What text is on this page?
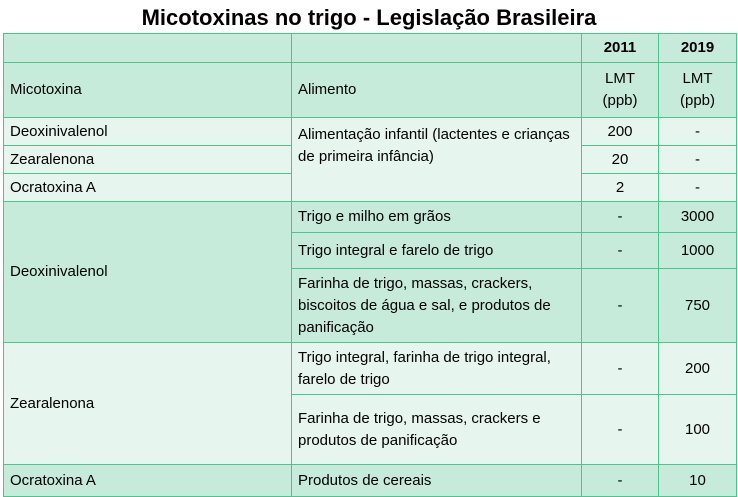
Micotoxinas no trigo - Legislação Brasileira
		2011	2019
Micotoxina	Alimento	LMT (ppb)	LMT (ppb)
Deoxinivalenol	Alimentação infantil (lactentes e crianças de primeira infância)	200	-
Zearalenona		20	-
Ocratoxina A		2	-
Deoxinivalenol	Trigo e milho em grãos	-	3000
	Trigo integral e farelo de trigo	-	1000
	Farinha de trigo, massas, crackers, biscoitos de água e sal, e produtos de panificação	-	750
Zearalenona	Trigo integral, farinha de trigo integral, farelo de trigo	-	200
	Farinha de trigo, massas, crackers e produtos de panificação	-	100
Ocratoxina A	Produtos de cereais	-	10
